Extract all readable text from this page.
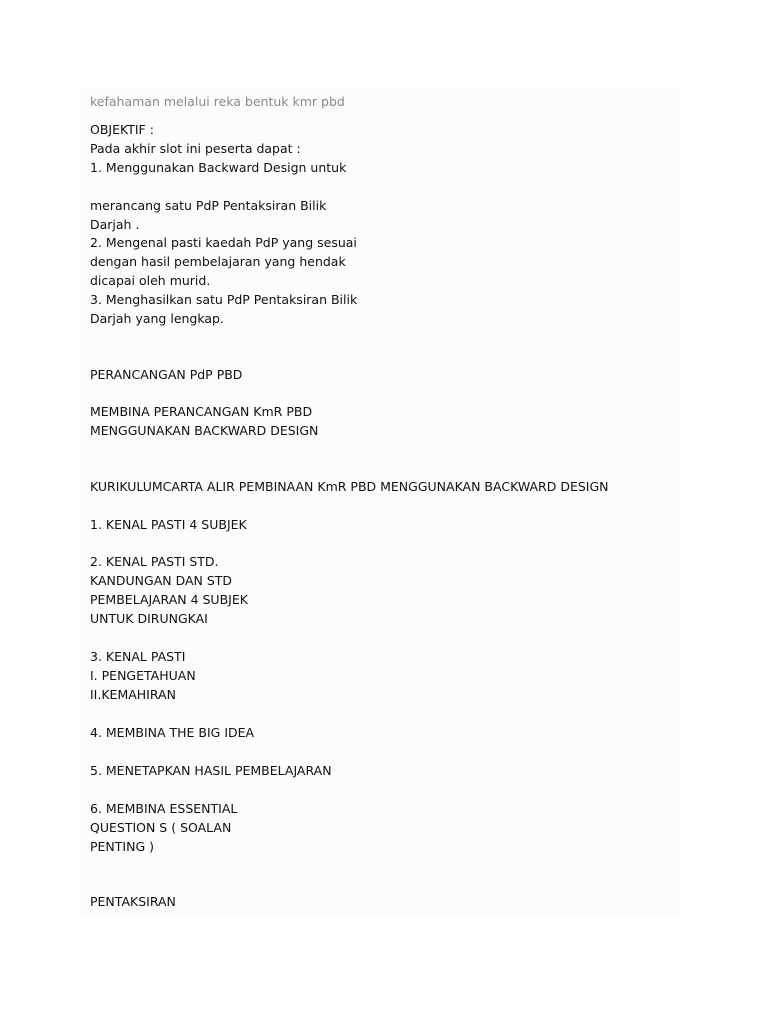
kefahaman melalui reka bentuk kmr pbd
OBJEKTIF :
Pada akhir slot ini peserta dapat :
1. Menggunakan Backward Design untuk
merancang satu PdP Pentaksiran Bilik
Darjah .
2. Mengenal pasti kaedah PdP yang sesuai
dengan hasil pembelajaran yang hendak
dicapai oleh murid.
3. Menghasilkan satu PdP Pentaksiran Bilik
Darjah yang lengkap.
PERANCANGAN PdP PBD
MEMBINA PERANCANGAN KmR PBD
MENGGUNAKAN BACKWARD DESIGN
KURIKULUMCARTA ALIR PEMBINAAN KmR PBD MENGGUNAKAN BACKWARD DESIGN
1. KENAL PASTI 4 SUBJEK
2. KENAL PASTI STD.
KANDUNGAN DAN STD
PEMBELAJARAN 4 SUBJEK
UNTUK DIRUNGKAI
3. KENAL PASTI
I. PENGETAHUAN
II.KEMAHIRAN
4. MEMBINA THE BIG IDEA
5. MENETAPKAN HASIL PEMBELAJARAN
6. MEMBINA ESSENTIAL
QUESTION S ( SOALAN
PENTING )
PENTAKSIRAN
